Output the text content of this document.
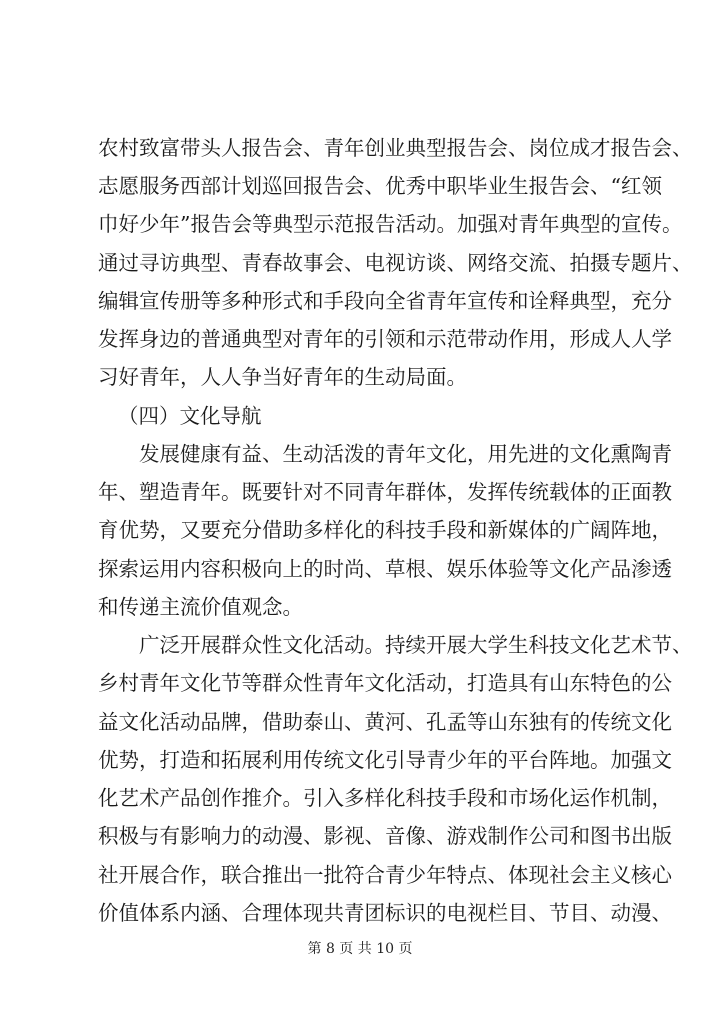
农村致富带头人报告会、青年创业典型报告会、岗位成才报告会、
志愿服务西部计划巡回报告会、优秀中职毕业生报告会、“红领
巾好少年”报告会等典型示范报告活动。加强对青年典型的宣传。
通过寻访典型、青春故事会、电视访谈、网络交流、拍摄专题片、
编辑宣传册等多种形式和手段向全省青年宣传和诠释典型，充分
发挥身边的普通典型对青年的引领和示范带动作用，形成人人学
习好青年，人人争当好青年的生动局面。
（四）文化导航
发展健康有益、生动活泼的青年文化，用先进的文化熏陶青
年、塑造青年。既要针对不同青年群体，发挥传统载体的正面教
育优势，又要充分借助多样化的科技手段和新媒体的广阔阵地，
探索运用内容积极向上的时尚、草根、娱乐体验等文化产品渗透
和传递主流价值观念。
广泛开展群众性文化活动。持续开展大学生科技文化艺术节、
乡村青年文化节等群众性青年文化活动，打造具有山东特色的公
益文化活动品牌，借助泰山、黄河、孔孟等山东独有的传统文化
优势，打造和拓展利用传统文化引导青少年的平台阵地。加强文
化艺术产品创作推介。引入多样化科技手段和市场化运作机制，
积极与有影响力的动漫、影视、音像、游戏制作公司和图书出版
社开展合作，联合推出一批符合青少年特点、体现社会主义核心
价值体系内涵、合理体现共青团标识的电视栏目、节目、动漫、
第 8 页 共 10 页
